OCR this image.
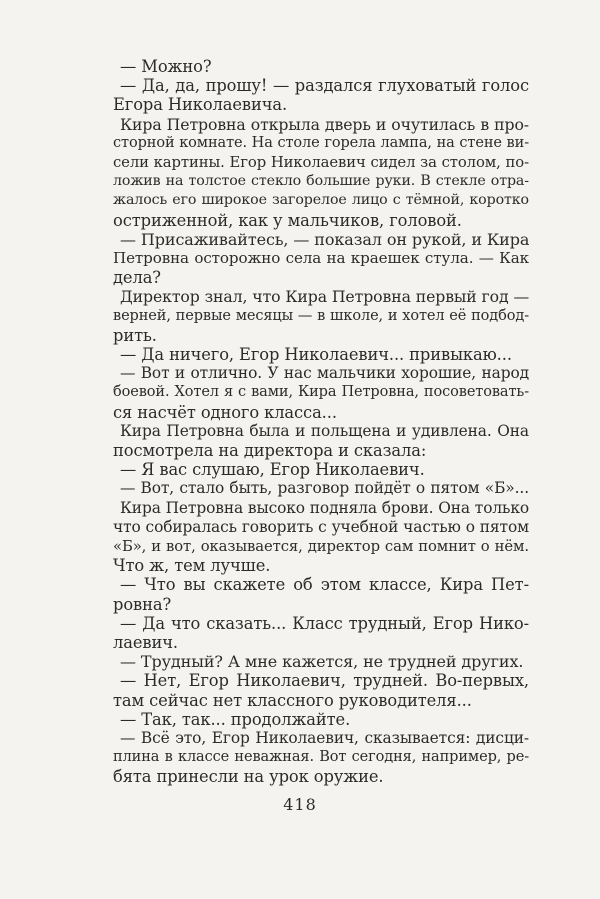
— Можно?
— Да, да, прошу! — раздался глуховатый голос
Егора Николаевича.
Кира Петровна открыла дверь и очутилась в про-
сторной комнате. На столе горела лампа, на стене ви-
сели картины. Егор Николаевич сидел за столом, по-
ложив на толстое стекло большие руки. В стекле отра-
жалось его широкое загорелое лицо с тёмной, коротко
остриженной, как у мальчиков, головой.
— Присаживайтесь, — показал он рукой, и Кира
Петровна осторожно села на краешек стула. — Как
дела?
Директор знал, что Кира Петровна первый год —
верней, первые месяцы — в школе, и хотел её подбод-
рить.
— Да ничего, Егор Николаевич... привыкаю...
— Вот и отлично. У нас мальчики хорошие, народ
боевой. Хотел я с вами, Кира Петровна, посоветовать-
ся насчёт одного класса...
Кира Петровна была и польщена и удивлена. Она
посмотрела на директора и сказала:
— Я вас слушаю, Егор Николаевич.
— Вот, стало быть, разговор пойдёт о пятом «Б»...
Кира Петровна высоко подняла брови. Она только
что собиралась говорить с учебной частью о пятом
«Б», и вот, оказывается, директор сам помнит о нём.
Что ж, тем лучше.
— Что вы скажете об этом классе, Кира Пет-
ровна?
— Да что сказать... Класс трудный, Егор Нико-
лаевич.
— Трудный? А мне кажется, не трудней других.
— Нет, Егор Николаевич, трудней. Во-первых,
там сейчас нет классного руководителя...
— Так, так... продолжайте.
— Всё это, Егор Николаевич, сказывается: дисци-
плина в классе неважная. Вот сегодня, например, ре-
бята принесли на урок оружие.
418
